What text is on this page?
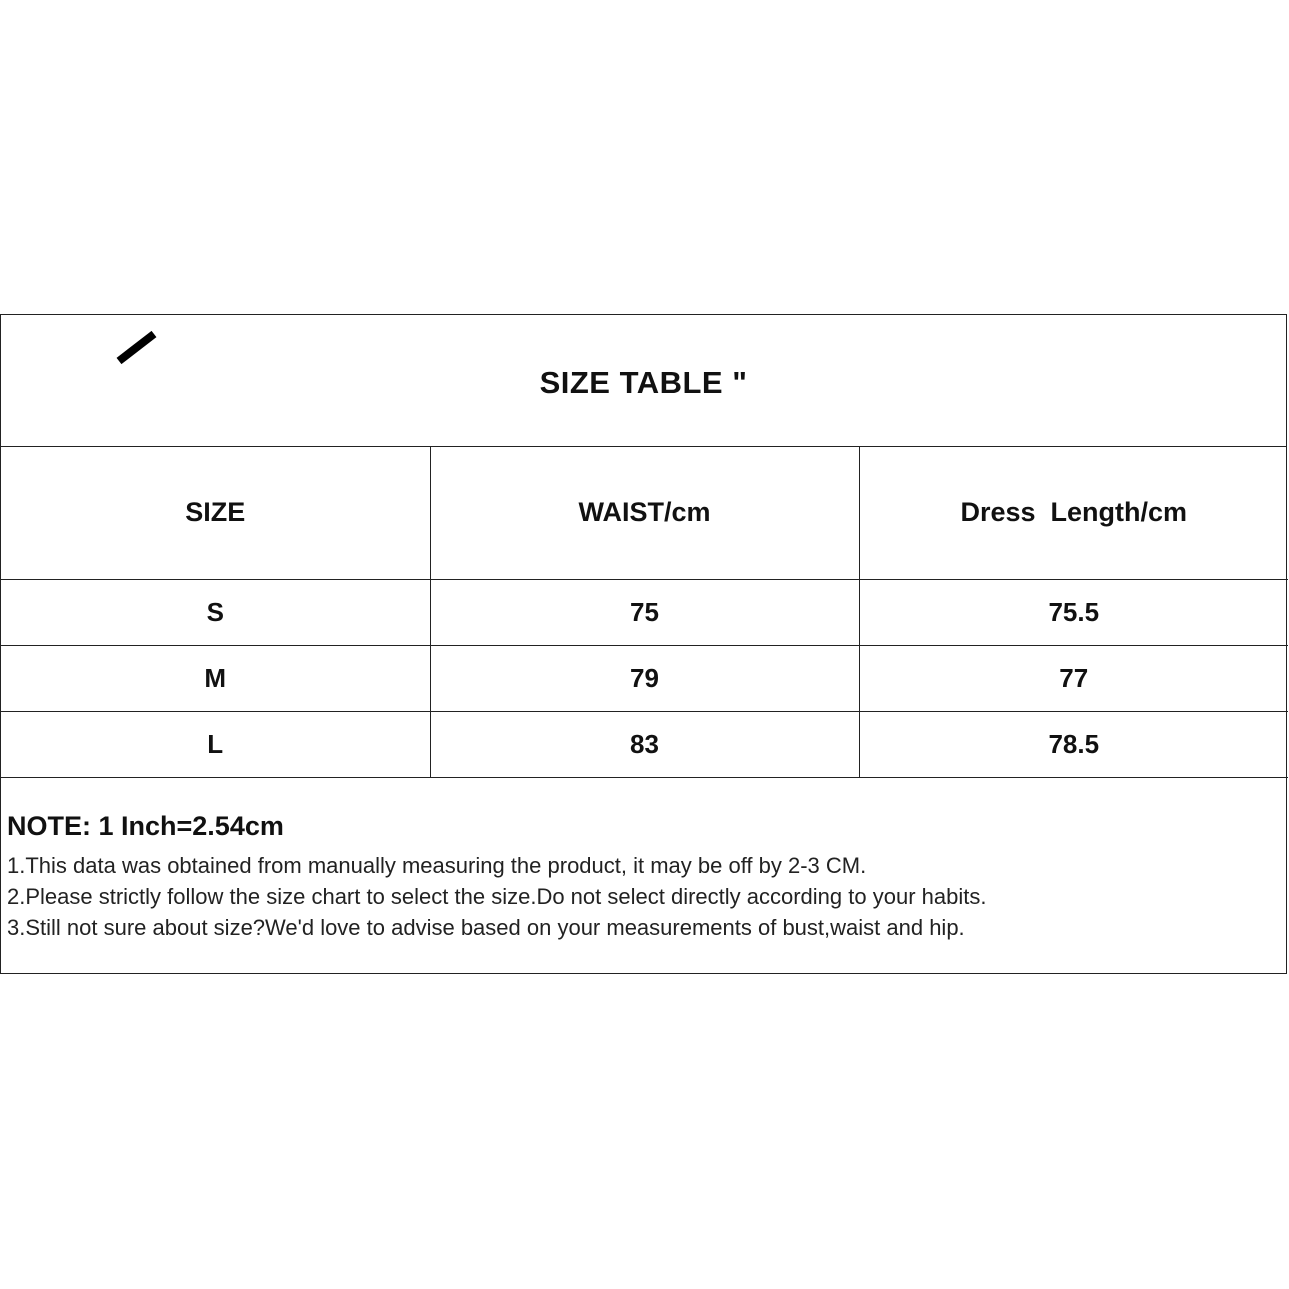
SIZE TABLE "
SIZE	WAIST/cm	Dress  Length/cm
S	75	75.5
M	79	77
L	83	78.5
NOTE: 1 Inch=2.54cm
1.This data was obtained from manually measuring the product, it may be off by 2-3 CM.
2.Please strictly follow the size chart to select the size.Do not select directly according to your habits.
3.Still not sure about size?We'd love to advise based on your measurements of bust,waist and hip.
